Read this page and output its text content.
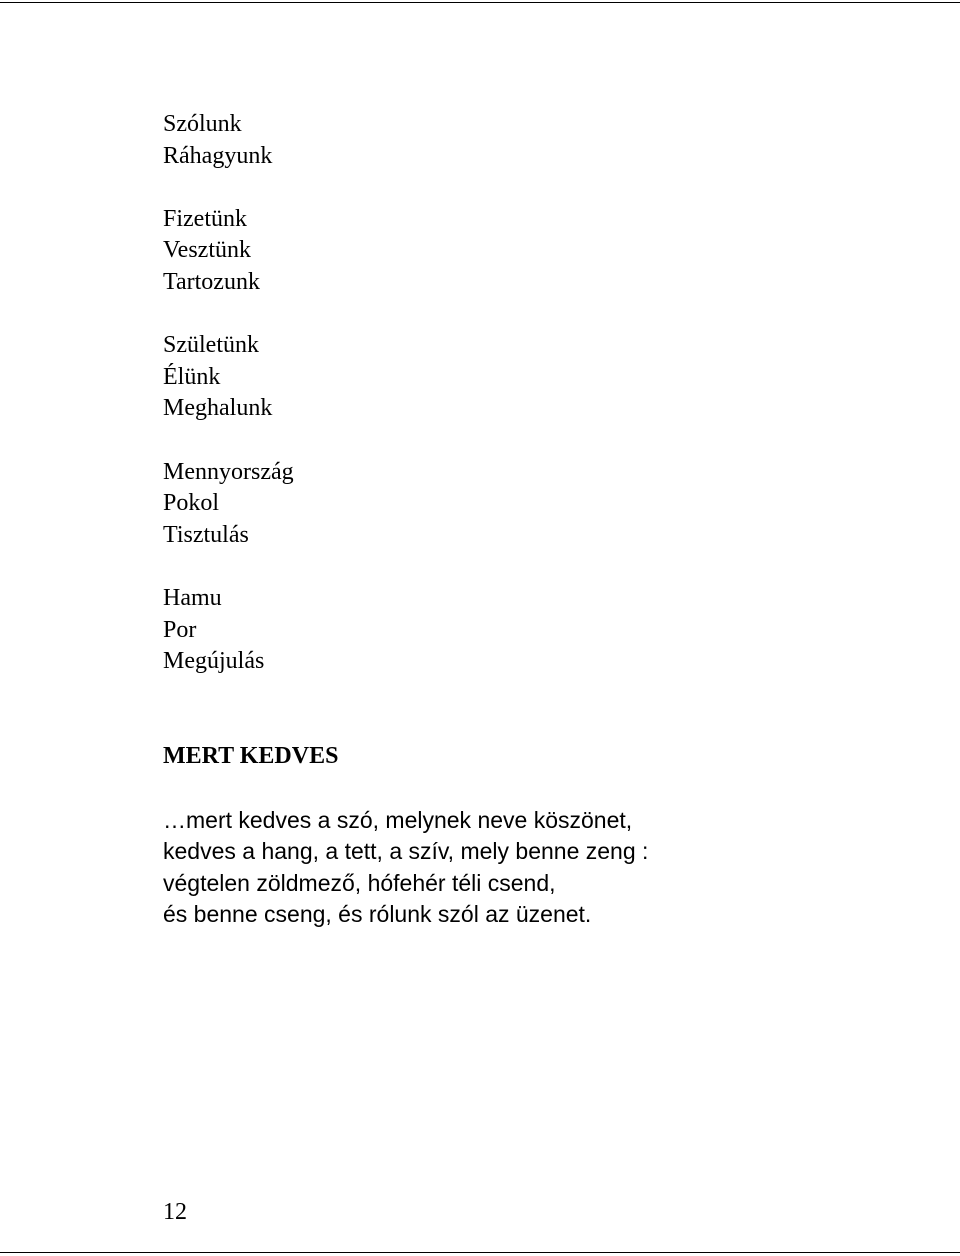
Szólunk
Ráhagyunk
Fizetünk
Vesztünk
Tartozunk
Születünk
Élünk
Meghalunk
Mennyország
Pokol
Tisztulás
Hamu
Por
Megújulás
MERT KEDVES
…mert kedves a szó, melynek neve köszönet,
kedves a hang, a tett, a szív, mely benne zeng :
végtelen zöldmező, hófehér téli csend,
és benne cseng, és rólunk szól az üzenet.
12
